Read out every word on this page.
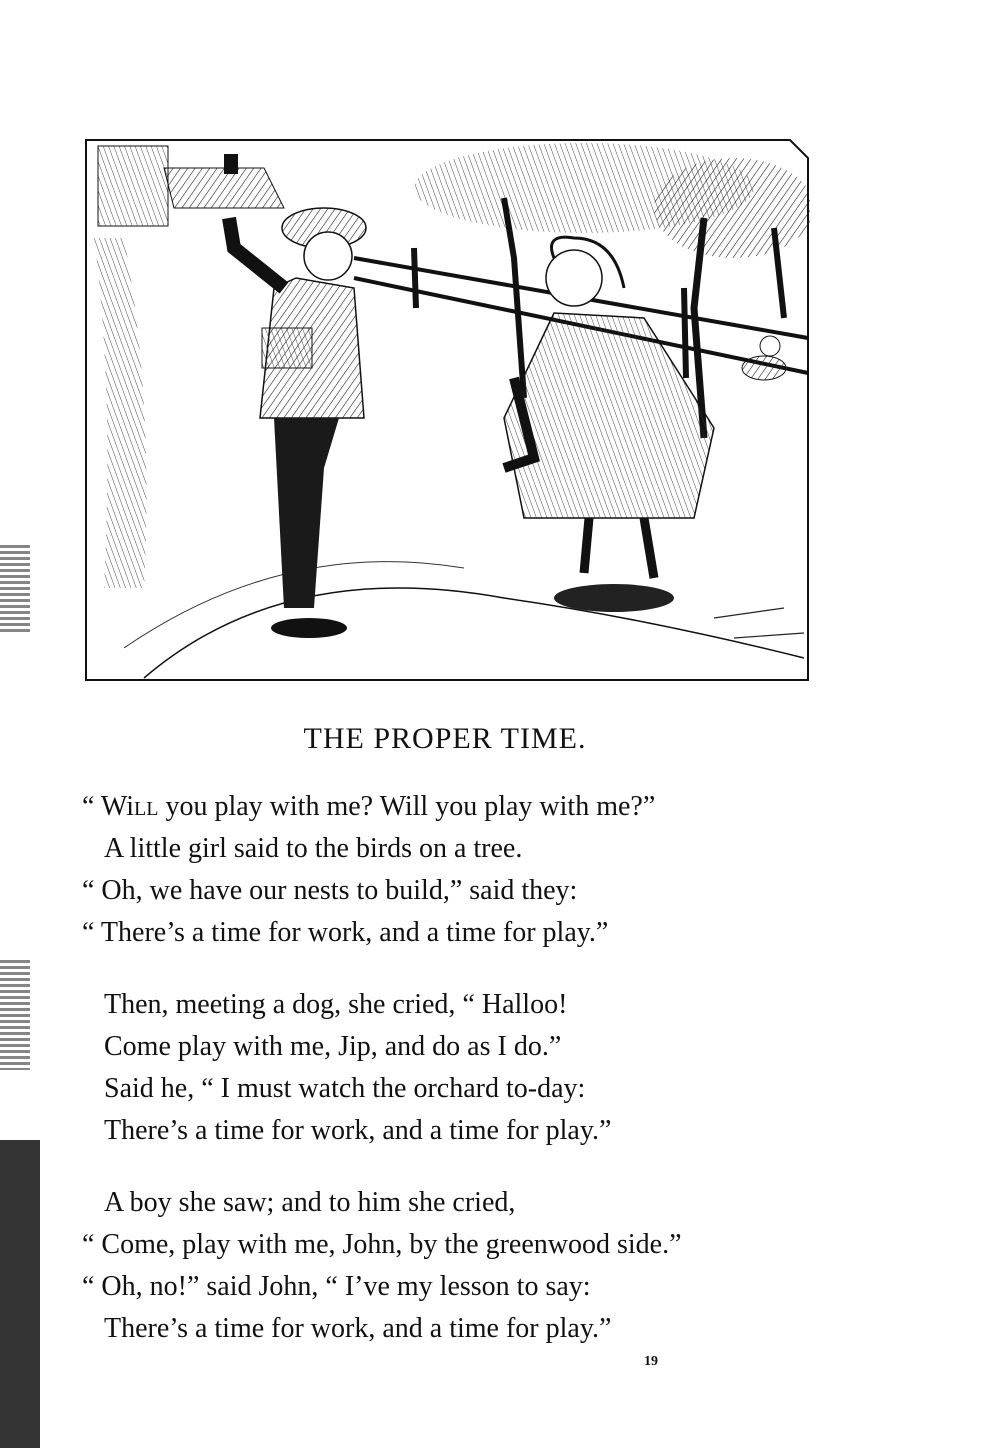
THE PROPER TIME.
“ Will you play with me? Will you play with me?”
A little girl said to the birds on a tree.
“ Oh, we have our nests to build,” said they:
“ There’s a time for work, and a time for play.”
Then, meeting a dog, she cried, “ Halloo!
Come play with me, Jip, and do as I do.”
Said he, “ I must watch the orchard to-day:
There’s a time for work, and a time for play.”
A boy she saw; and to him she cried,
“ Come, play with me, John, by the greenwood side.”
“ Oh, no!” said John, “ I’ve my lesson to say:
There’s a time for work, and a time for play.”
19
